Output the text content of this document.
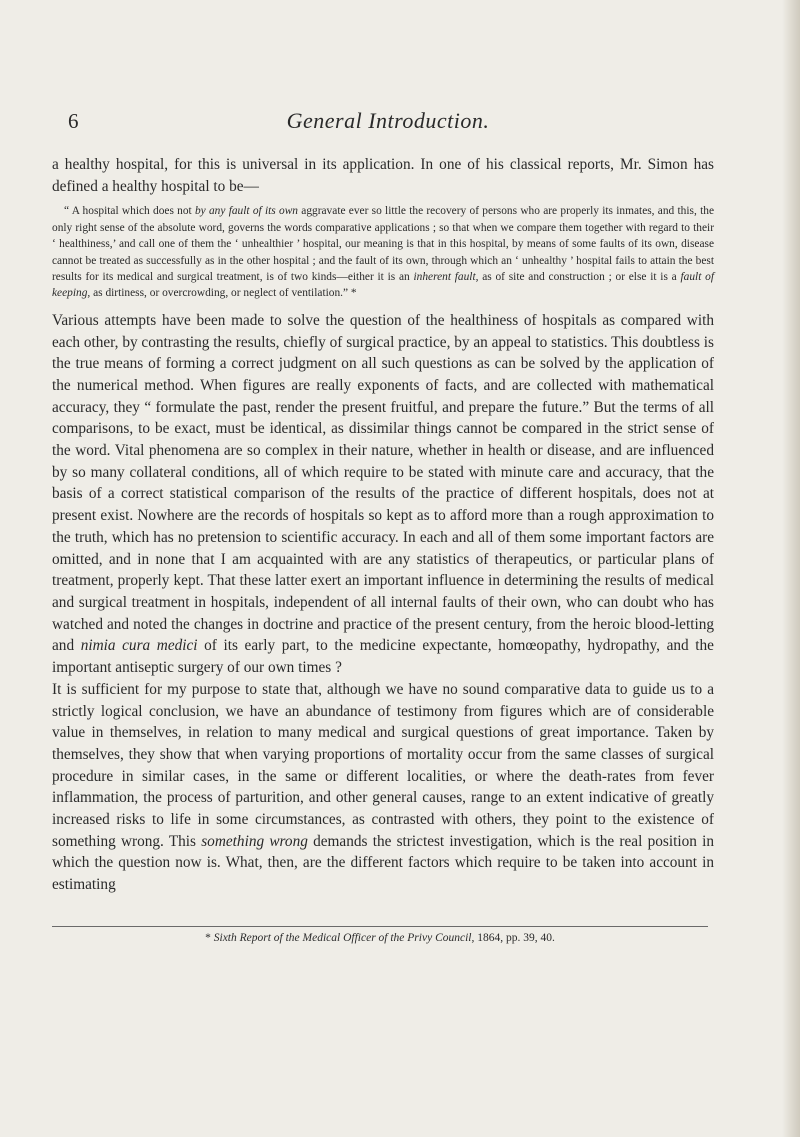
6	General Introduction.

a healthy hospital, for this is universal in its application. In one of his classical reports, Mr. Simon has defined a healthy hospital to be—

“ A hospital which does not by any fault of its own aggravate ever so little the recovery of persons who are properly its inmates, and this, the only right sense of the absolute word, governs the words comparative applications ; so that when we compare them together with regard to their ‘ healthiness,’ and call one of them the ‘ unhealthier ’ hospital, our meaning is that in this hospital, by means of some faults of its own, disease cannot be treated as successfully as in the other hospital ; and the fault of its own, through which an ‘ unhealthy ’ hospital fails to attain the best results for its medical and surgical treatment, is of two kinds—either it is an inherent fault, as of site and construction ; or else it is a fault of keeping, as dirtiness, or overcrowding, or neglect of ventilation.” *

Various attempts have been made to solve the question of the healthiness of hospitals as compared with each other, by contrasting the results, chiefly of surgical practice, by an appeal to statistics. This doubtless is the true means of forming a correct judgment on all such questions as can be solved by the application of the numerical method. When figures are really exponents of facts, and are collected with mathematical accuracy, they “ formulate the past, render the present fruitful, and prepare the future.” But the terms of all comparisons, to be exact, must be identical, as dissimilar things cannot be compared in the strict sense of the word. Vital phenomena are so complex in their nature, whether in health or disease, and are influenced by so many collateral conditions, all of which require to be stated with minute care and accuracy, that the basis of a correct statistical comparison of the results of the practice of different hospitals, does not at present exist. Nowhere are the records of hospitals so kept as to afford more than a rough approximation to the truth, which has no pretension to scientific accuracy. In each and all of them some important factors are omitted, and in none that I am acquainted with are any statistics of therapeutics, or particular plans of treatment, properly kept. That these latter exert an important influence in determining the results of medical and surgical treatment in hospitals, independent of all internal faults of their own, who can doubt who has watched and noted the changes in doctrine and practice of the present century, from the heroic blood-letting and nimia cura medici of its early part, to the medicine expectante, homœopathy, hydropathy, and the important antiseptic surgery of our own times ?

It is sufficient for my purpose to state that, although we have no sound comparative data to guide us to a strictly logical conclusion, we have an abundance of testimony from figures which are of considerable value in themselves, in relation to many medical and surgical questions of great importance. Taken by themselves, they show that when varying proportions of mortality occur from the same classes of surgical procedure in similar cases, in the same or different localities, or where the death-rates from fever inflammation, the process of parturition, and other general causes, range to an extent indicative of greatly increased risks to life in some circumstances, as contrasted with others, they point to the existence of something wrong. This something wrong demands the strictest investigation, which is the real position in which the question now is. What, then, are the different factors which require to be taken into account in estimating

* Sixth Report of the Medical Officer of the Privy Council, 1864, pp. 39, 40.
